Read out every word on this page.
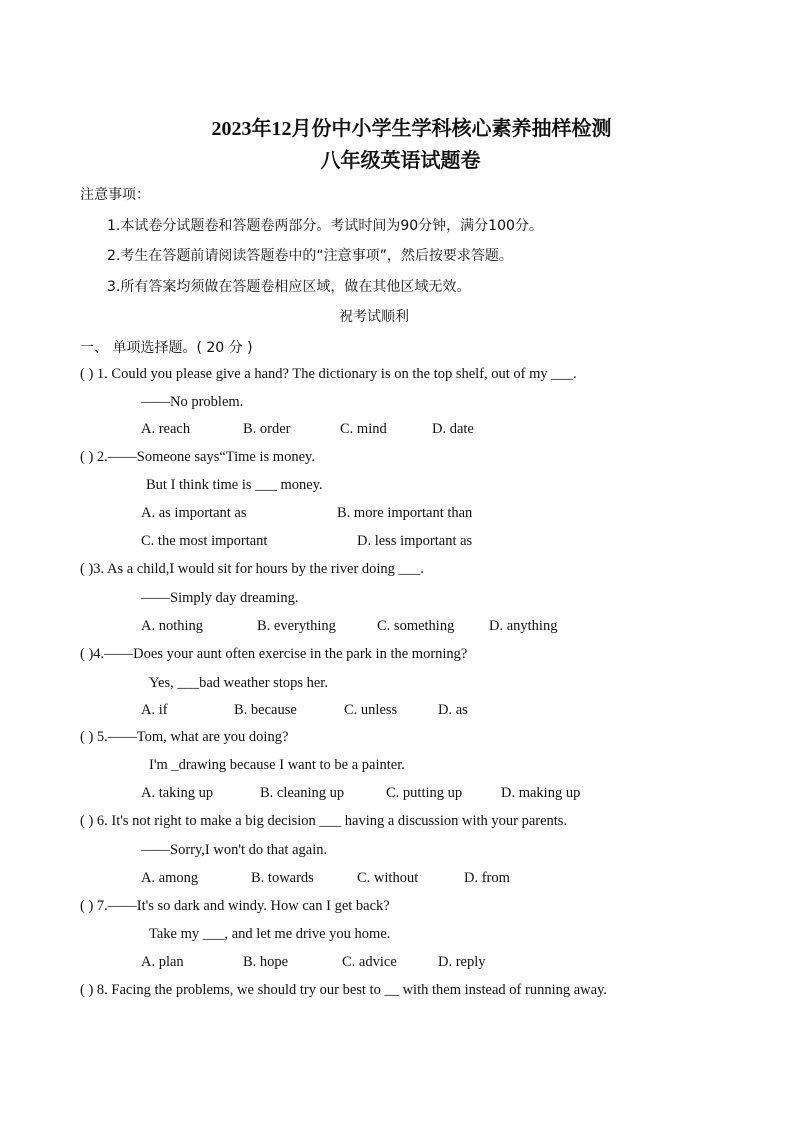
2023年12月份中小学生学科核心素养抽样检测
八年级英语试题卷
注意事项：
1.本试卷分试题卷和答题卷两部分。考试时间为90分钟，满分100分。
2.考生在答题前请阅读答题卷中的“注意事项”，然后按要求答题。
3.所有答案均须做在答题卷相应区域，做在其他区域无效。
祝考试顺利
一、 单项选择题。( 20 分 )
( ) 1. Could you please give a hand? The dictionary is on the top shelf, out of my ___.
——No problem.
A. reach	B. order	C. mind	D. date
( ) 2.——Someone says“Time is money.
But I think time is ___ money.
A. as important as	B. more important than
C. the most important	D. less important as
( )3. As a child,I would sit for hours by the river doing ___.
——Simply day dreaming.
A. nothing	B. everything	C. something D. anything
( )4.——Does your aunt often exercise in the park in the morning?
Yes, ___bad weather stops her.
A. if	B. because	C. unless	D. as
( ) 5.——Tom, what are you doing?
I'm _drawing because I want to be a painter.
A. taking up	B. cleaning up	C. putting up	D. making up
( ) 6. It's not right to make a big decision ___ having a discussion with your parents.
——Sorry,I won't do that again.
A. among	B. towards	C. without	D. from
( ) 7.——It's so dark and windy. How can I get back?
Take my ___, and let me drive you home.
A. plan	B. hope	C. advice	D. reply
( ) 8. Facing the problems, we should try our best to __ with them instead of running away.
